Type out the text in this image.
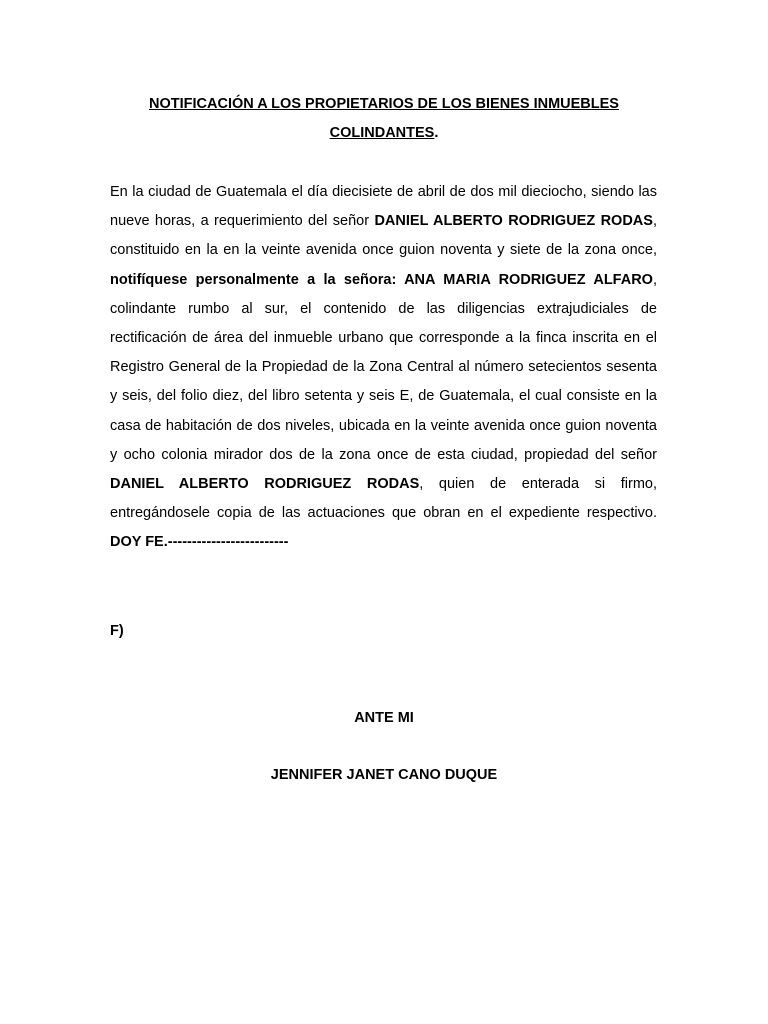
NOTIFICACIÓN A LOS PROPIETARIOS DE LOS BIENES INMUEBLES

COLINDANTES.

En la ciudad de Guatemala el día diecisiete de abril de dos mil dieciocho, siendo las nueve horas, a requerimiento del señor DANIEL ALBERTO RODRIGUEZ RODAS, constituido en la en la veinte avenida once guion noventa y siete de la zona once, notifíquese personalmente a la señora: ANA MARIA RODRIGUEZ ALFARO, colindante rumbo al sur, el contenido de las diligencias extrajudiciales de rectificación de área del inmueble urbano que corresponde a la finca inscrita en el Registro General de la Propiedad de la Zona Central al número setecientos sesenta y seis, del folio diez, del libro setenta y seis E, de Guatemala, el cual consiste en la casa de habitación de dos niveles, ubicada en la veinte avenida once guion noventa y ocho colonia mirador dos de la zona once de esta ciudad, propiedad del señor DANIEL ALBERTO RODRIGUEZ RODAS, quien de enterada si firmo, entregándosele copia de las actuaciones que obran en el expediente respectivo. DOY FE.-------------------------

F)

ANTE MI

JENNIFER JANET CANO DUQUE
